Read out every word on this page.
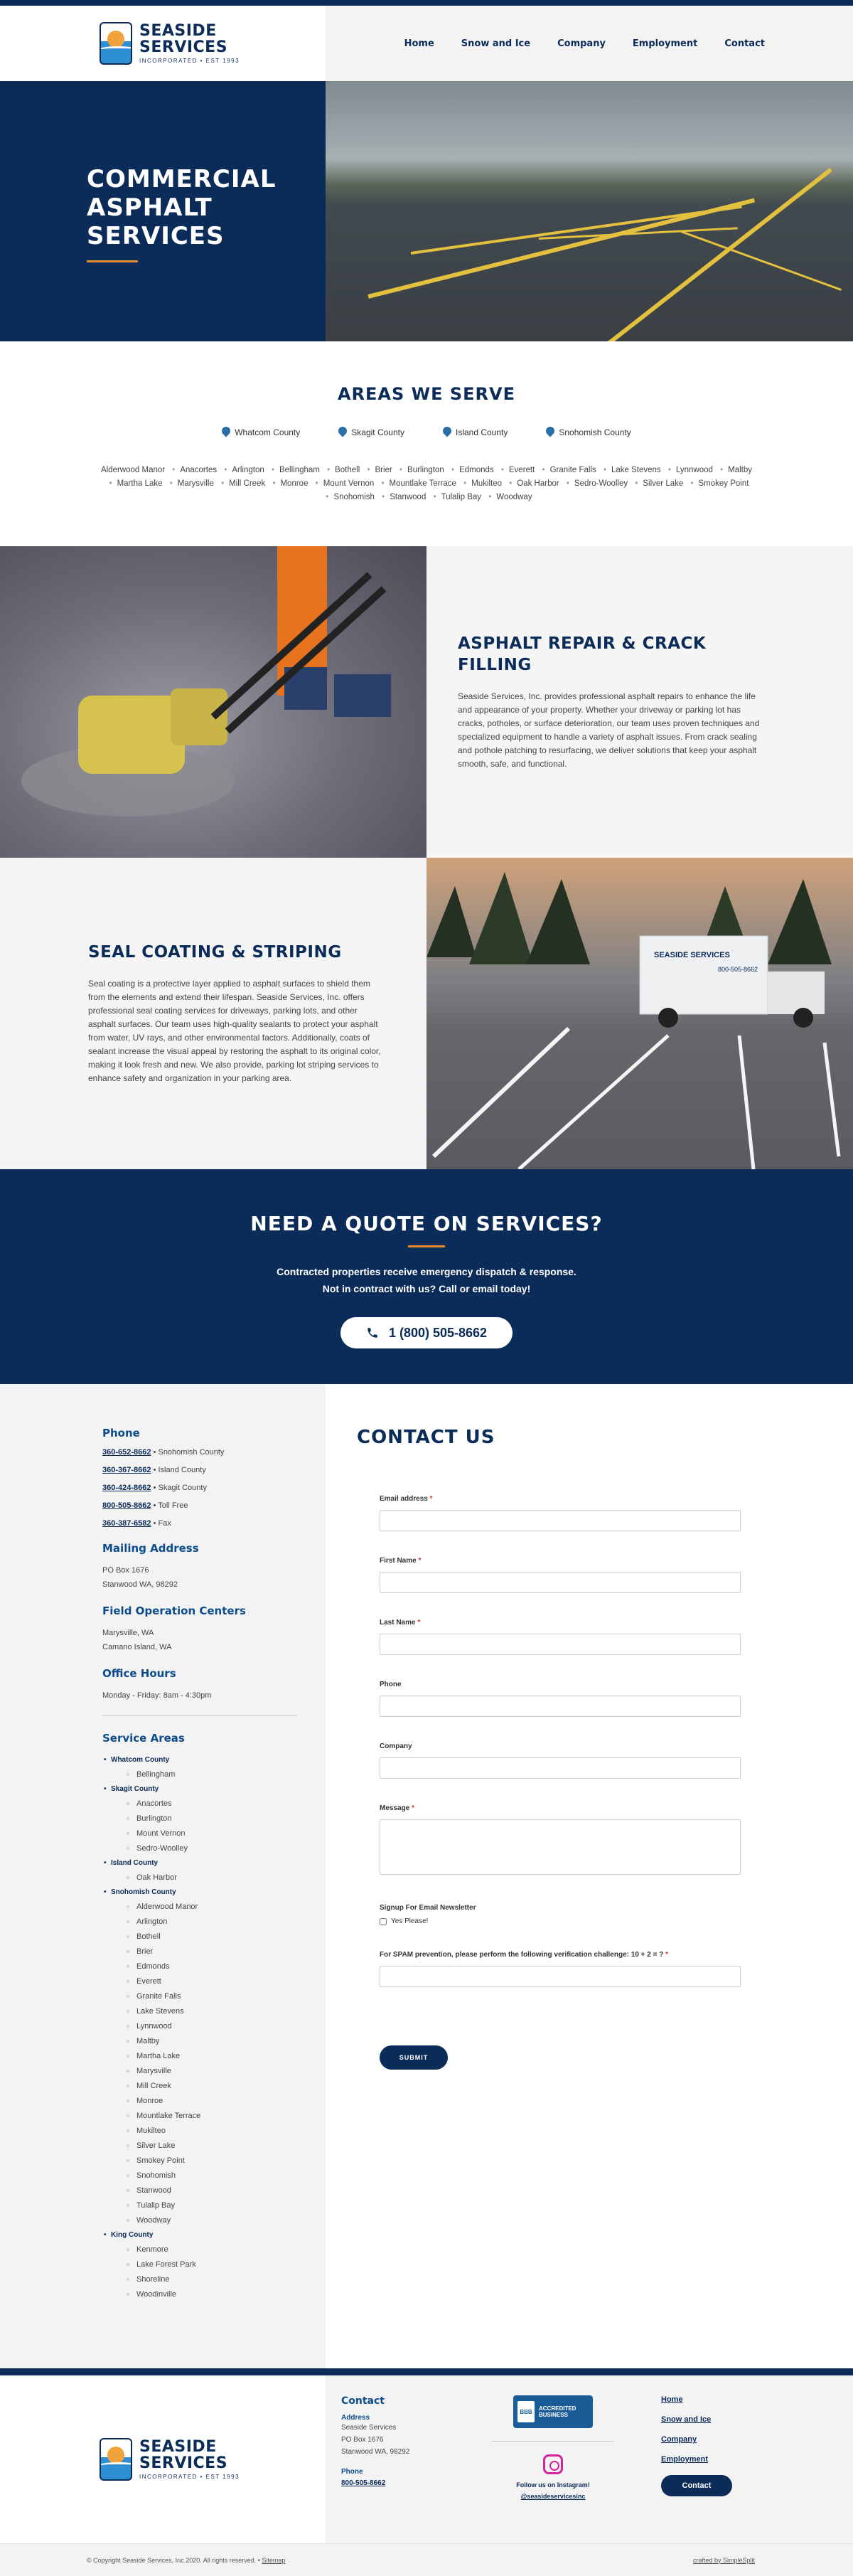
SEASIDE
SERVICES
INCORPORATED • EST 1993
Home	Snow and Ice	Company	Employment	Contact
COMMERCIAL
ASPHALT
SERVICES
AREAS WE SERVE
Whatcom County	Skagit County	Island County	Snohomish County
Alderwood Manor • Anacortes • Arlington • Bellingham • Bothell • Brier • Burlington • Edmonds • Everett • Granite Falls • Lake Stevens • Lynnwood • Maltby • Martha Lake • Marysville • Mill Creek • Monroe • Mount Vernon • Mountlake Terrace • Mukilteo • Oak Harbor • Sedro-Woolley • Silver Lake • Smokey Point • Snohomish • Stanwood • Tulalip Bay • Woodway
ASPHALT REPAIR & CRACK FILLING

Seaside Services, Inc. provides professional asphalt repairs to enhance the life and appearance of your property. Whether your driveway or parking lot has cracks, potholes, or surface deterioration, our team uses proven techniques and specialized equipment to handle a variety of asphalt issues. From crack sealing and pothole patching to resurfacing, we deliver solutions that keep your asphalt smooth, safe, and functional.

SEAL COATING & STRIPING

Seal coating is a protective layer applied to asphalt surfaces to shield them from the elements and extend their lifespan. Seaside Services, Inc. offers professional seal coating services for driveways, parking lots, and other asphalt surfaces. Our team uses high-quality sealants to protect your asphalt from water, UV rays, and other environmental factors. Additionally, coats of sealant increase the visual appeal by restoring the asphalt to its original color, making it look fresh and new. We also provide, parking lot striping services to enhance safety and organization in your parking area.

SEASIDE SERVICES
800-505-8662
NEED A QUOTE ON SERVICES?

Contracted properties receive emergency dispatch & response.

Not in contract with us? Call or email today!

1 (800) 505-8662
Phone
360-652-8662 • Snohomish County
360-367-8662 • Island County
360-424-8662 • Skagit County
800-505-8662 • Toll Free
360-387-6582 • Fax
Mailing Address
PO Box 1676
Stanwood WA, 98292
Field Operation Centers
Marysville, WA
Camano Island, WA
Office Hours
Monday - Friday: 8am - 4:30pm
Service Areas
• Whatcom County
○ Bellingham
• Skagit County
○ Anacortes
○ Burlington
○ Mount Vernon
○ Sedro-Woolley
• Island County
○ Oak Harbor
• Snohomish County
○ Alderwood Manor
○ Arlington
○ Bothell
○ Brier
○ Edmonds
○ Everett
○ Granite Falls
○ Lake Stevens
○ Lynnwood
○ Maltby
○ Martha Lake
○ Marysville
○ Mill Creek
○ Monroe
○ Mountlake Terrace
○ Mukilteo
○ Silver Lake
○ Smokey Point
○ Snohomish
○ Stanwood
○ Tulalip Bay
○ Woodway
• King County
○ Kenmore
○ Lake Forest Park
○ Shoreline
○ Woodinville
CONTACT US
Email address *
First Name *
Last Name *
Phone
Company
Message *
Signup For Email Newsletter
Yes Please!
For SPAM prevention, please perform the following verification challenge: 10 + 2 = ? *
SUBMIT
SEASIDE
SERVICES
INCORPORATED • EST 1993
Contact
Address
Seaside Services
PO Box 1676
Stanwood WA, 98292
Phone
800-505-8662
BBB	ACCREDITED
BUSINESS
Follow us on Instagram!
@seasideservicesinc
Home
Snow and Ice
Company
Employment
Contact
© Copyright Seaside Services, Inc.2020. All rights reserved. • Sitemap	crafted by SimpleSplit
